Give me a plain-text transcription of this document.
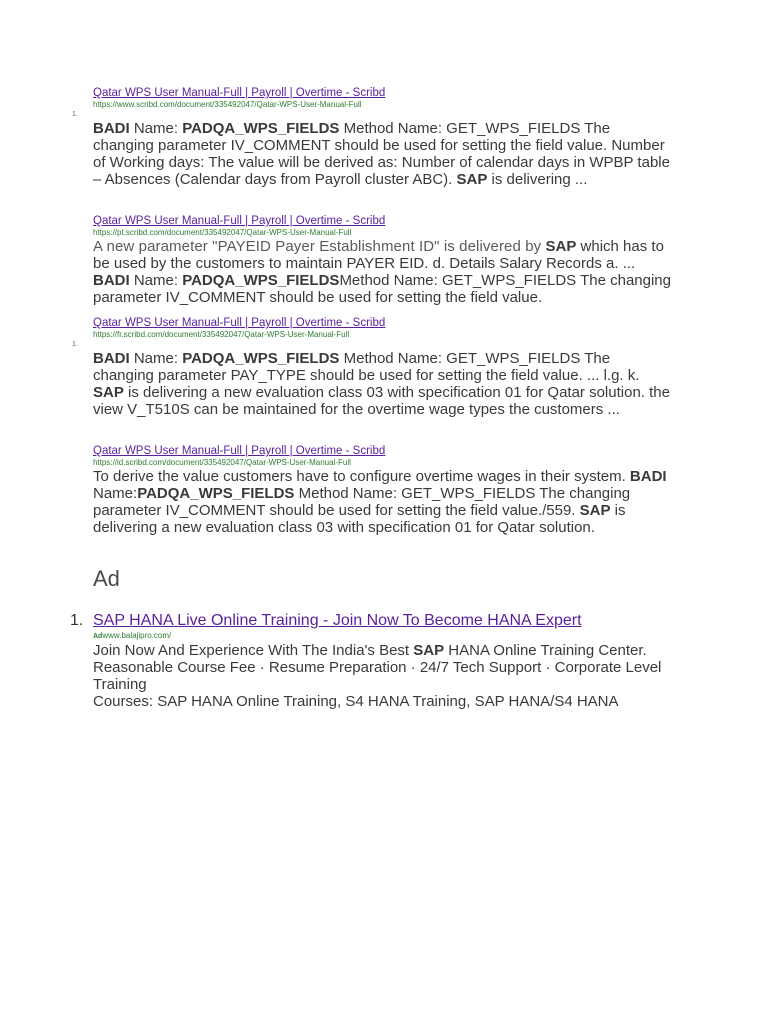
1.
Qatar WPS User Manual-Full | Payroll | Overtime - Scribd
https://www.scribd.com/document/335492047/Qatar-WPS-User-Manual-Full

BADI Name: PADQA_WPS_FIELDS Method Name: GET_WPS_FIELDS The changing parameter IV_COMMENT should be used for setting the field value. Number of Working days: The value will be derived as: Number of calendar days in WPBP table – Absences (Calendar days from Payroll cluster ABC). SAP is delivering ...

Qatar WPS User Manual-Full | Payroll | Overtime - Scribd
https://pt.scribd.com/document/335492047/Qatar-WPS-User-Manual-Full

A new parameter "PAYEID Payer Establishment ID" is delivered by SAP which has to be used by the customers to maintain PAYER EID. d. Details Salary Records a. ... BADI Name: PADQA_WPS_FIELDSMethod Name: GET_WPS_FIELDS The changing parameter IV_COMMENT should be used for setting the field value.

1.
Qatar WPS User Manual-Full | Payroll | Overtime - Scribd
https://fr.scribd.com/document/335492047/Qatar-WPS-User-Manual-Full

BADI Name: PADQA_WPS_FIELDS Method Name: GET_WPS_FIELDS The changing parameter PAY_TYPE should be used for setting the field value. ... l.g. k. SAP is delivering a new evaluation class 03 with specification 01 for Qatar solution. the view V_T510S can be maintained for the overtime wage types the customers ...

Qatar WPS User Manual-Full | Payroll | Overtime - Scribd
https://id.scribd.com/document/335492047/Qatar-WPS-User-Manual-Full

To derive the value customers have to configure overtime wages in their system. BADI Name:PADQA_WPS_FIELDS Method Name: GET_WPS_FIELDS The changing parameter IV_COMMENT should be used for setting the field value./559. SAP is delivering a new evaluation class 03 with specification 01 for Qatar solution.

Ad
1. SAP HANA Live Online Training - Join Now To Become HANA Expert
Adwww.balajipro.com/

Join Now And Experience With The India's Best SAP HANA Online Training Center. Reasonable Course Fee · Resume Preparation · 24/7 Tech Support · Corporate Level Training

Courses: SAP HANA Online Training, S4 HANA Training, SAP HANA/S4 HANA
